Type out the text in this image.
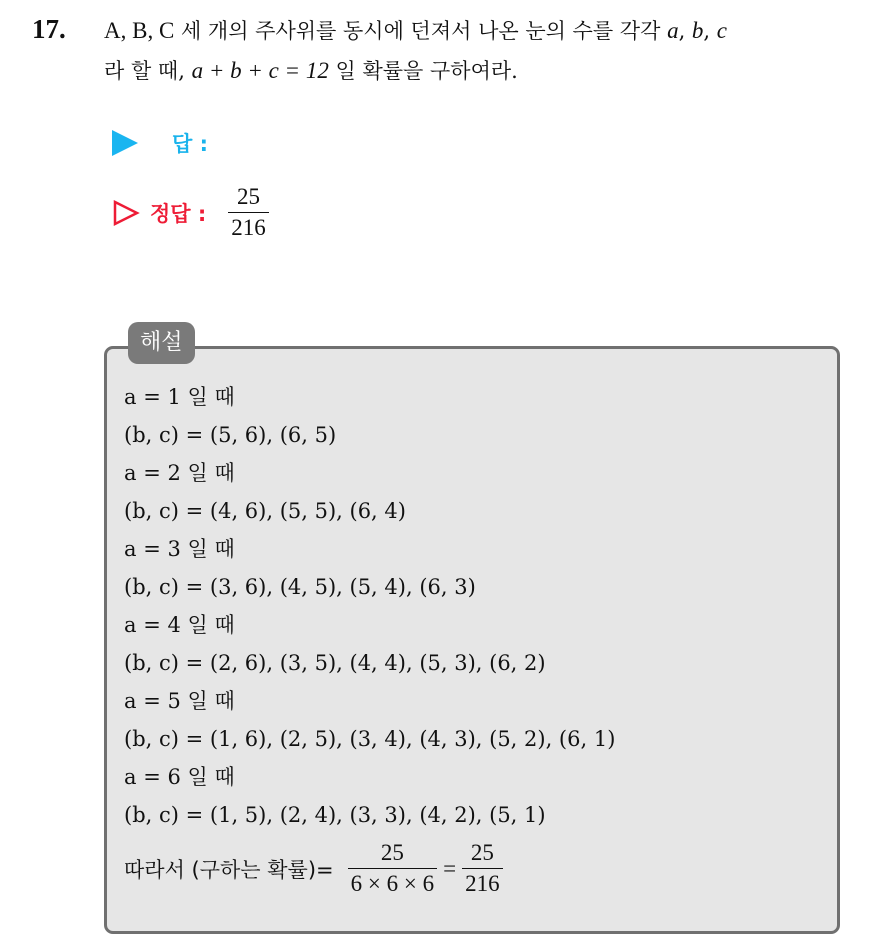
17. A, B, C 세 개의 주사위를 동시에 던져서 나온 눈의 수를 각각 a, b, c
라 할 때, a + b + c = 12 일 확률을 구하여라.
답 :
정답 : $\frac{25}{216}$
해설
a = 1 일 때
(b, c) = (5, 6), (6, 5)
a = 2 일 때
(b, c) = (4, 6), (5, 5), (6, 4)
a = 3 일 때
(b, c) = (3, 6), (4, 5), (5, 4), (6, 3)
a = 4 일 때
(b, c) = (2, 6), (3, 5), (4, 4), (5, 3), (6, 2)
a = 5 일 때
(b, c) = (1, 6), (2, 5), (3, 4), (4, 3), (5, 2), (6, 1)
a = 6 일 때
(b, c) = (1, 5), (2, 4), (3, 3), (4, 2), (5, 1)
따라서 (구하는 확률)= $\frac{25}{6 \times 6 \times 6} = \frac{25}{216}$
